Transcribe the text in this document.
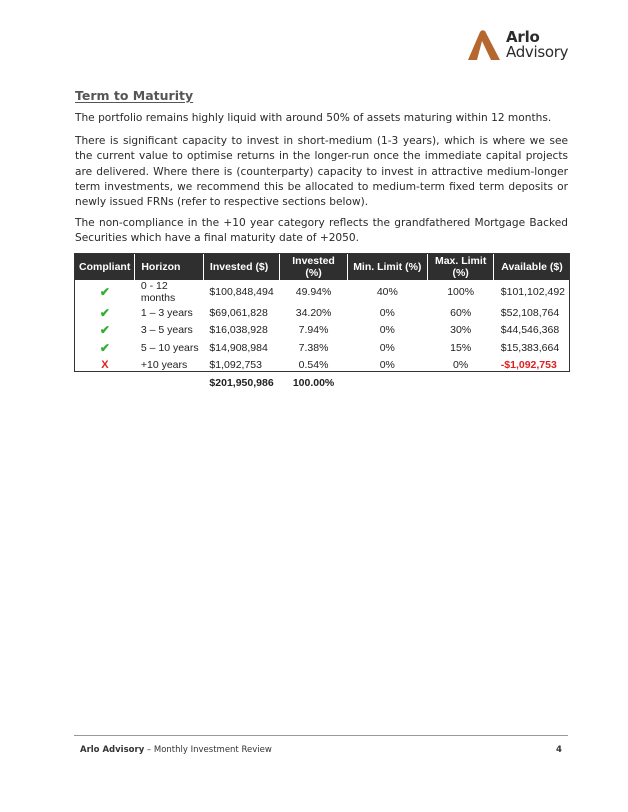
Arlo
Advisory
Term to Maturity

The portfolio remains highly liquid with around 50% of assets maturing within 12 months.

There is significant capacity to invest in short-medium (1-3 years), which is where we see the current value to optimise returns in the longer-run once the immediate capital projects are delivered. Where there is (counterparty) capacity to invest in attractive medium-longer term investments, we recommend this be allocated to medium-term fixed term deposits or newly issued FRNs (refer to respective sections below).

The non-compliance in the +10 year category reflects the grandfathered Mortgage Backed Securities which have a final maturity date of +2050.

Compliant	Horizon	Invested ($)	Invested (%)	Min. Limit (%)	Max. Limit (%)	Available ($)
✔	0 - 12 months	$100,848,494	49.94%	40%	100%	$101,102,492
✔	1 – 3 years	$69,061,828	34.20%	0%	60%	$52,108,764
✔	3 – 5 years	$16,038,928	7.94%	0%	30%	$44,546,368
✔	5 – 10 years	$14,908,984	7.38%	0%	15%	$15,383,664
X	+10 years	$1,092,753	0.54%	0%	0%	-$1,092,753
		$201,950,986	100.00%			
Arlo Advisory – Monthly Investment Review	4
